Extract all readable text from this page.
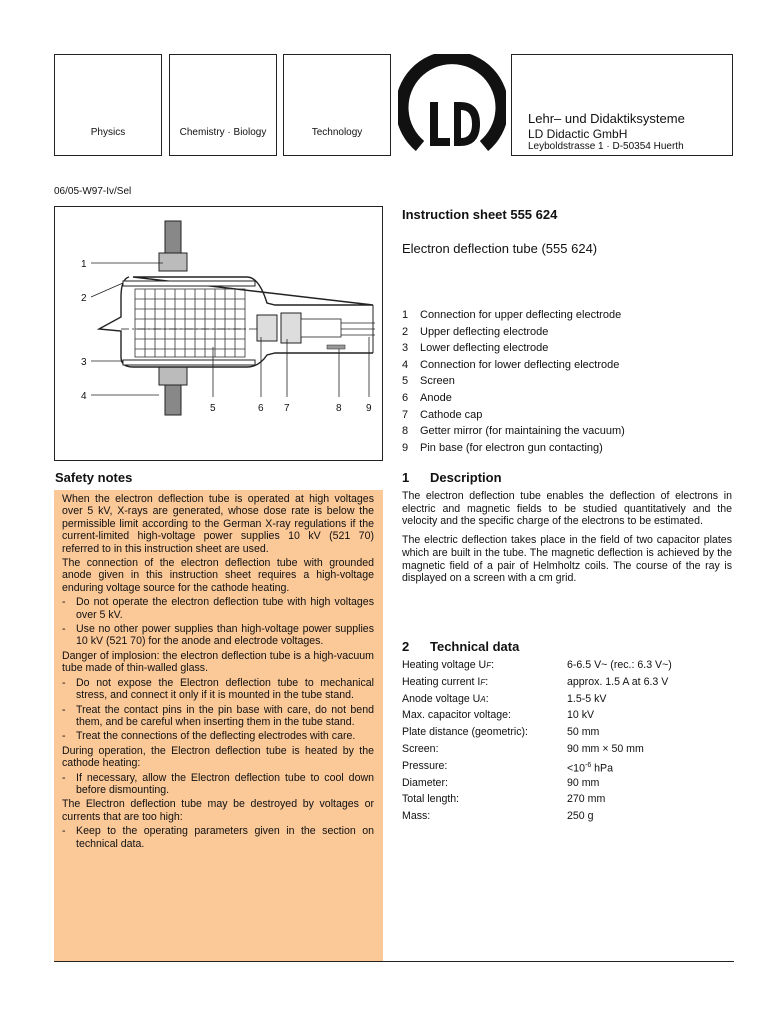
Physics	Chemistry · Biology	Technology
Lehr– und Didaktiksysteme
LD Didactic GmbH
Leyboldstrasse 1 · D-50354 Huerth
06/05-W97-Iv/Sel
1
2
3
4
5	6 7	8 9
Instruction sheet 555 624
Electron deflection tube (555 624)
1 Connection for upper deflecting electrode
2 Upper deflecting electrode
3 Lower deflecting electrode
4 Connection for lower deflecting electrode
5 Screen
6 Anode
7 Cathode cap
8 Getter mirror (for maintaining the vacuum)
9 Pin base (for electron gun contacting)
Safety notes

When the electron deflection tube is operated at high voltages over 5 kV, X-rays are generated, whose dose rate is below the permissible limit according to the German X-ray regulations if the current-limited high-voltage power supplies 10 kV (521 70) referred to in this instruction sheet are used.

The connection of the electron deflection tube with grounded anode given in this instruction sheet requires a high-voltage enduring voltage source for the cathode heating.

- Do not operate the electron deflection tube with high voltages over 5 kV.
- Use no other power supplies than high-voltage power supplies 10 kV (521 70) for the anode and electrode voltages.

Danger of implosion: the electron deflection tube is a high-vacuum tube made of thin-walled glass.

- Do not expose the Electron deflection tube to mechanical stress, and connect it only if it is mounted in the tube stand.
- Treat the contact pins in the pin base with care, do not bend them, and be careful when inserting them in the tube stand.
- Treat the connections of the deflecting electrodes with care.

During operation, the Electron deflection tube is heated by the cathode heating:

- If necessary, allow the Electron deflection tube to cool down before dismounting.

The Electron deflection tube may be destroyed by voltages or currents that are too high:

- Keep to the operating parameters given in the section on technical data.
1 Description

The electron deflection tube enables the deflection of electrons in electric and magnetic fields to be studied quantitatively and the velocity and the specific charge of the electrons to be estimated.

The electric deflection takes place in the field of two capacitor plates which are built in the tube. The magnetic deflection is achieved by the magnetic field of a pair of Helmholtz coils. The course of the ray is displayed on a screen with a cm grid.

2 Technical data
Heating voltage UF:	6-6.5 V~ (rec.: 6.3 V~)
Heating current IF:	approx. 1.5 A at 6.3 V
Anode voltage UA:	1.5-5 kV
Max. capacitor voltage:	10 kV
Plate distance (geometric):	50 mm
Screen:	90 mm × 50 mm
Pressure:	$<10^{-6}$ hPa
Diameter:	90 mm
Total length:	270 mm
Mass:	250 g
